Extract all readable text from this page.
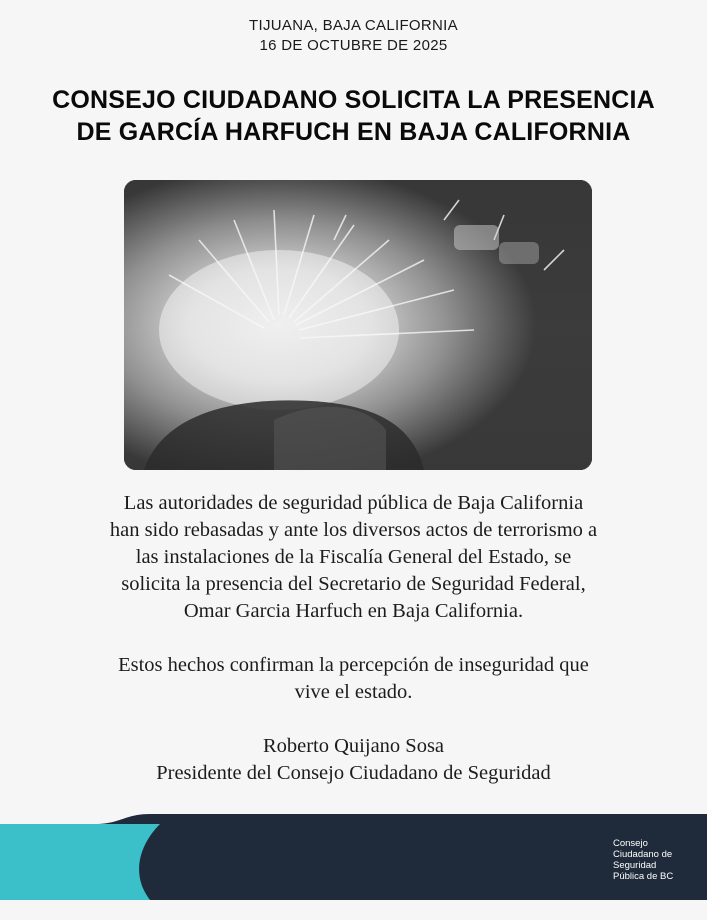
TIJUANA, BAJA CALIFORNIA
16 DE OCTUBRE DE 2025
CONSEJO CIUDADANO SOLICITA LA PRESENCIA
DE GARCÍA HARFUCH EN BAJA CALIFORNIA

Las autoridades de seguridad pública de Baja California
han sido rebasadas y ante los diversos actos de terrorismo a
las instalaciones de la Fiscalía General del Estado, se
solicita la presencia del Secretario de Seguridad Federal,
Omar Garcia Harfuch en Baja California.

Estos hechos confirman la percepción de inseguridad que
vive el estado.

Roberto Quijano Sosa
Presidente del Consejo Ciudadano de Seguridad

Consejo
Ciudadano de
Seguridad
Pública de BC
